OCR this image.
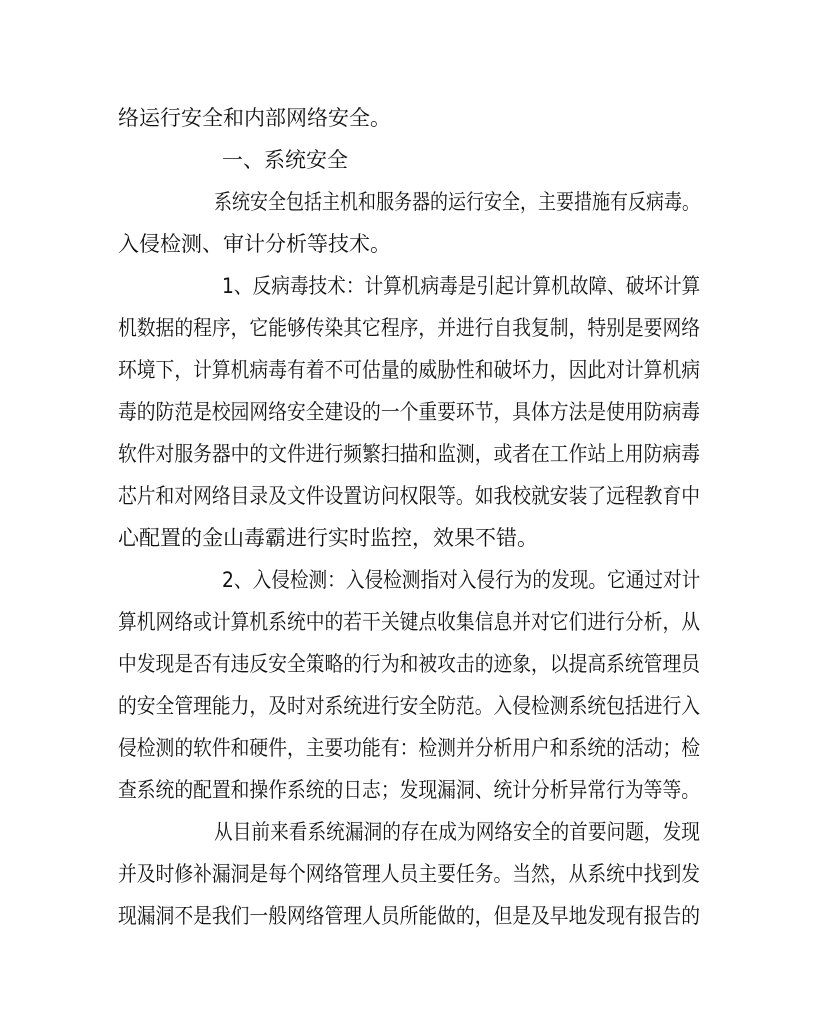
络运行安全和内部网络安全。
一、系统安全
系统安全包括主机和服务器的运行安全，主要措施有反病毒。
入侵检测、审计分析等技术。
1、反病毒技术：计算机病毒是引起计算机故障、破坏计算
机数据的程序，它能够传染其它程序，并进行自我复制，特别是要网络
环境下，计算机病毒有着不可估量的威胁性和破坏力，因此对计算机病
毒的防范是校园网络安全建设的一个重要环节，具体方法是使用防病毒
软件对服务器中的文件进行频繁扫描和监测，或者在工作站上用防病毒
芯片和对网络目录及文件设置访问权限等。如我校就安装了远程教育中
心配置的金山毒霸进行实时监控，效果不错。
2、入侵检测：入侵检测指对入侵行为的发现。它通过对计
算机网络或计算机系统中的若干关键点收集信息并对它们进行分析，从
中发现是否有违反安全策略的行为和被攻击的迹象，以提高系统管理员
的安全管理能力，及时对系统进行安全防范。入侵检测系统包括进行入
侵检测的软件和硬件，主要功能有：检测并分析用户和系统的活动；检
查系统的配置和操作系统的日志；发现漏洞、统计分析异常行为等等。
从目前来看系统漏洞的存在成为网络安全的首要问题，发现
并及时修补漏洞是每个网络管理人员主要任务。当然，从系统中找到发
现漏洞不是我们一般网络管理人员所能做的，但是及早地发现有报告的
